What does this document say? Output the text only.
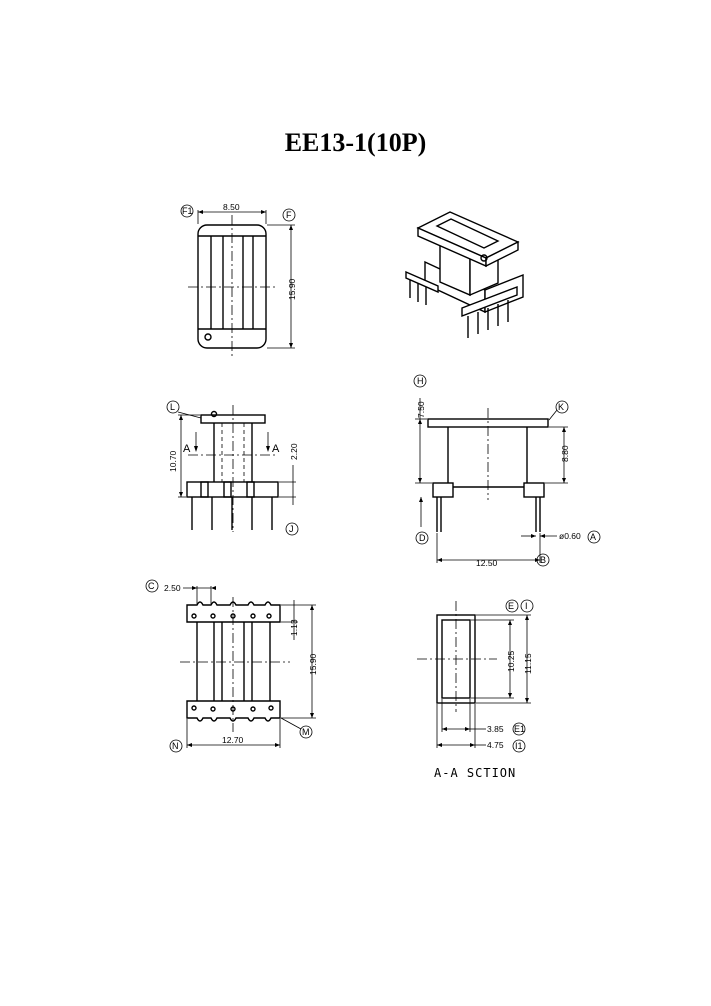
EE13-1(10P)
8.50
15.90
F1	F
A	A
10.70	2.20
L
J
7.50
8.80
ø0.60
12.50
H
K
D	A
B
2.50
1.13
15.90
12.70
C
N
M
10.25 11.15
3.85
4.75
E I
E1
I1
A-A SCTION
